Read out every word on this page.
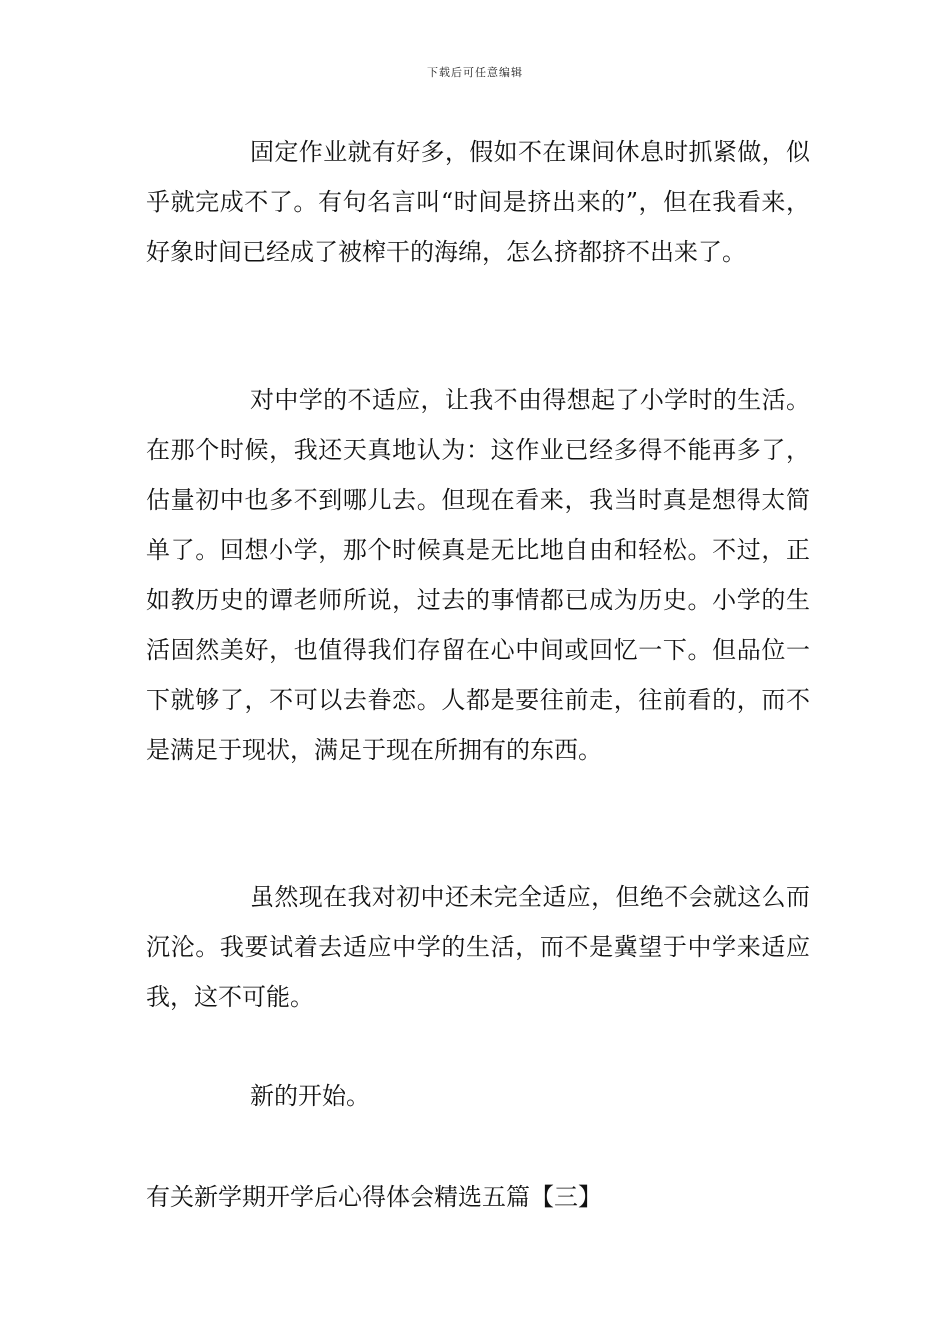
下载后可任意编辑

固定作业就有好多，假如不在课间休息时抓紧做，似乎就完成不了。有句名言叫“时间是挤出来的”，但在我看来，好象时间已经成了被榨干的海绵，怎么挤都挤不出来了。

对中学的不适应，让我不由得想起了小学时的生活。在那个时候，我还天真地认为：这作业已经多得不能再多了，估量初中也多不到哪儿去。但现在看来，我当时真是想得太简单了。回想小学，那个时候真是无比地自由和轻松。不过，正如教历史的谭老师所说，过去的事情都已成为历史。小学的生活固然美好，也值得我们存留在心中间或回忆一下。但品位一下就够了，不可以去眷恋。人都是要往前走，往前看的，而不是满足于现状，满足于现在所拥有的东西。

虽然现在我对初中还未完全适应，但绝不会就这么而沉沦。我要试着去适应中学的生活，而不是冀望于中学来适应我，这不可能。

新的开始。

有关新学期开学后心得体会精选五篇【三】
